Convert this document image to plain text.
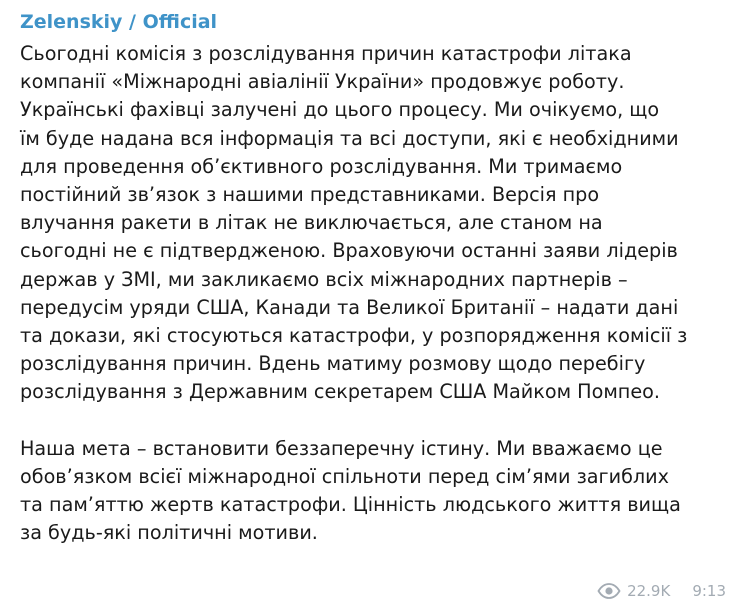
Zelenskiy / Official
Сьогодні комісія з розслідування причин катастрофи літака
компанії «Міжнародні авіалінії України» продовжує роботу.
Українські фахівці залучені до цього процесу. Ми очікуємо, що
їм буде надана вся інформація та всі доступи, які є необхідними
для проведення об’єктивного розслідування. Ми тримаємо
постійний зв’язок з нашими представниками. Версія про
влучання ракети в літак не виключається, але станом на
сьогодні не є підтвердженою. Враховуючи останні заяви лідерів
держав у ЗМІ, ми закликаємо всіх міжнародних партнерів –
передусім уряди США, Канади та Великої Британії – надати дані
та докази, які стосуються катастрофи, у розпорядження комісії з
розслідування причин. Вдень матиму розмову щодо перебігу
розслідування з Державним секретарем США Майком Помпео.
Наша мета – встановити беззаперечну істину. Ми вважаємо це
обов’язком всієї міжнародної спільноти перед сім’ями загиблих
та пам’яттю жертв катастрофи. Цінність людського життя вища
за будь-які політичні мотиви.
22.9K 9:13
